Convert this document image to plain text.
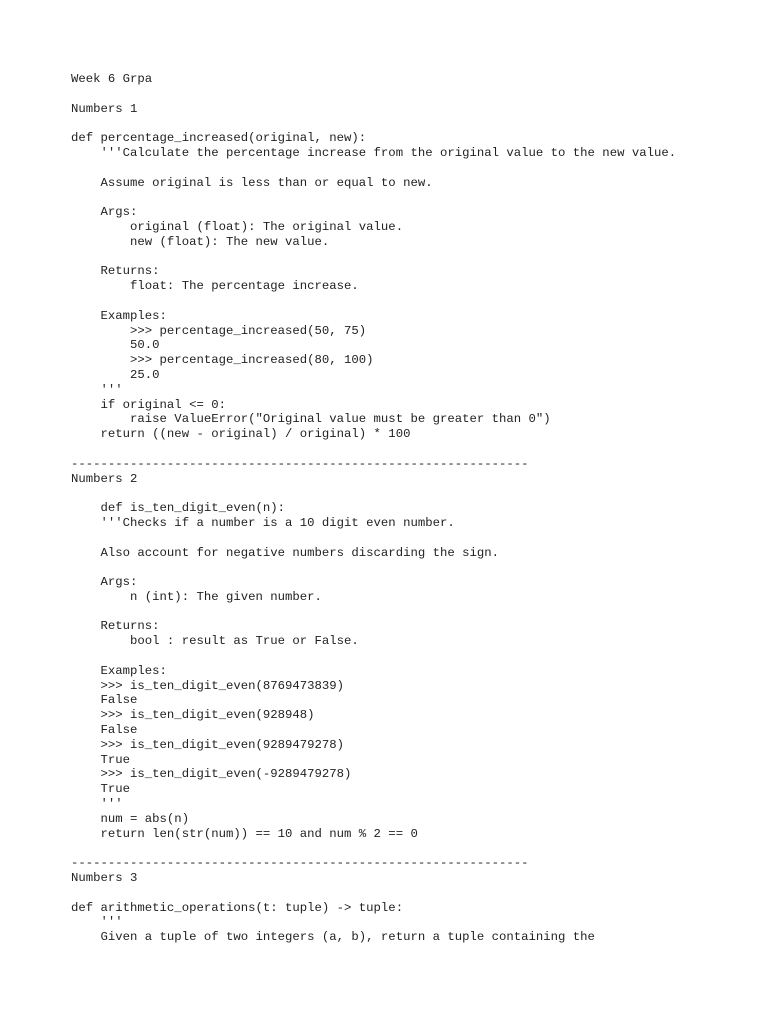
Week 6 Grpa
Numbers 1
def percentage_increased(original, new):
'''Calculate the percentage increase from the original value to the new value.
Assume original is less than or equal to new.
Args:
original (float): The original value.
new (float): The new value.
Returns:
float: The percentage increase.
Examples:
>>> percentage_increased(50, 75)
50.0
>>> percentage_increased(80, 100)
25.0
'''
if original <= 0:
raise ValueError("Original value must be greater than 0")
return ((new - original) / original) * 100
--------------------------------------------------------------
Numbers 2
def is_ten_digit_even(n):
'''Checks if a number is a 10 digit even number.
Also account for negative numbers discarding the sign.
Args:
n (int): The given number.
Returns:
bool : result as True or False.
Examples:
>>> is_ten_digit_even(8769473839)
False
>>> is_ten_digit_even(928948)
False
>>> is_ten_digit_even(9289479278)
True
>>> is_ten_digit_even(-9289479278)
True
'''
num = abs(n)
return len(str(num)) == 10 and num % 2 == 0
--------------------------------------------------------------
Numbers 3
def arithmetic_operations(t: tuple) -> tuple:
'''
Given a tuple of two integers (a, b), return a tuple containing the
